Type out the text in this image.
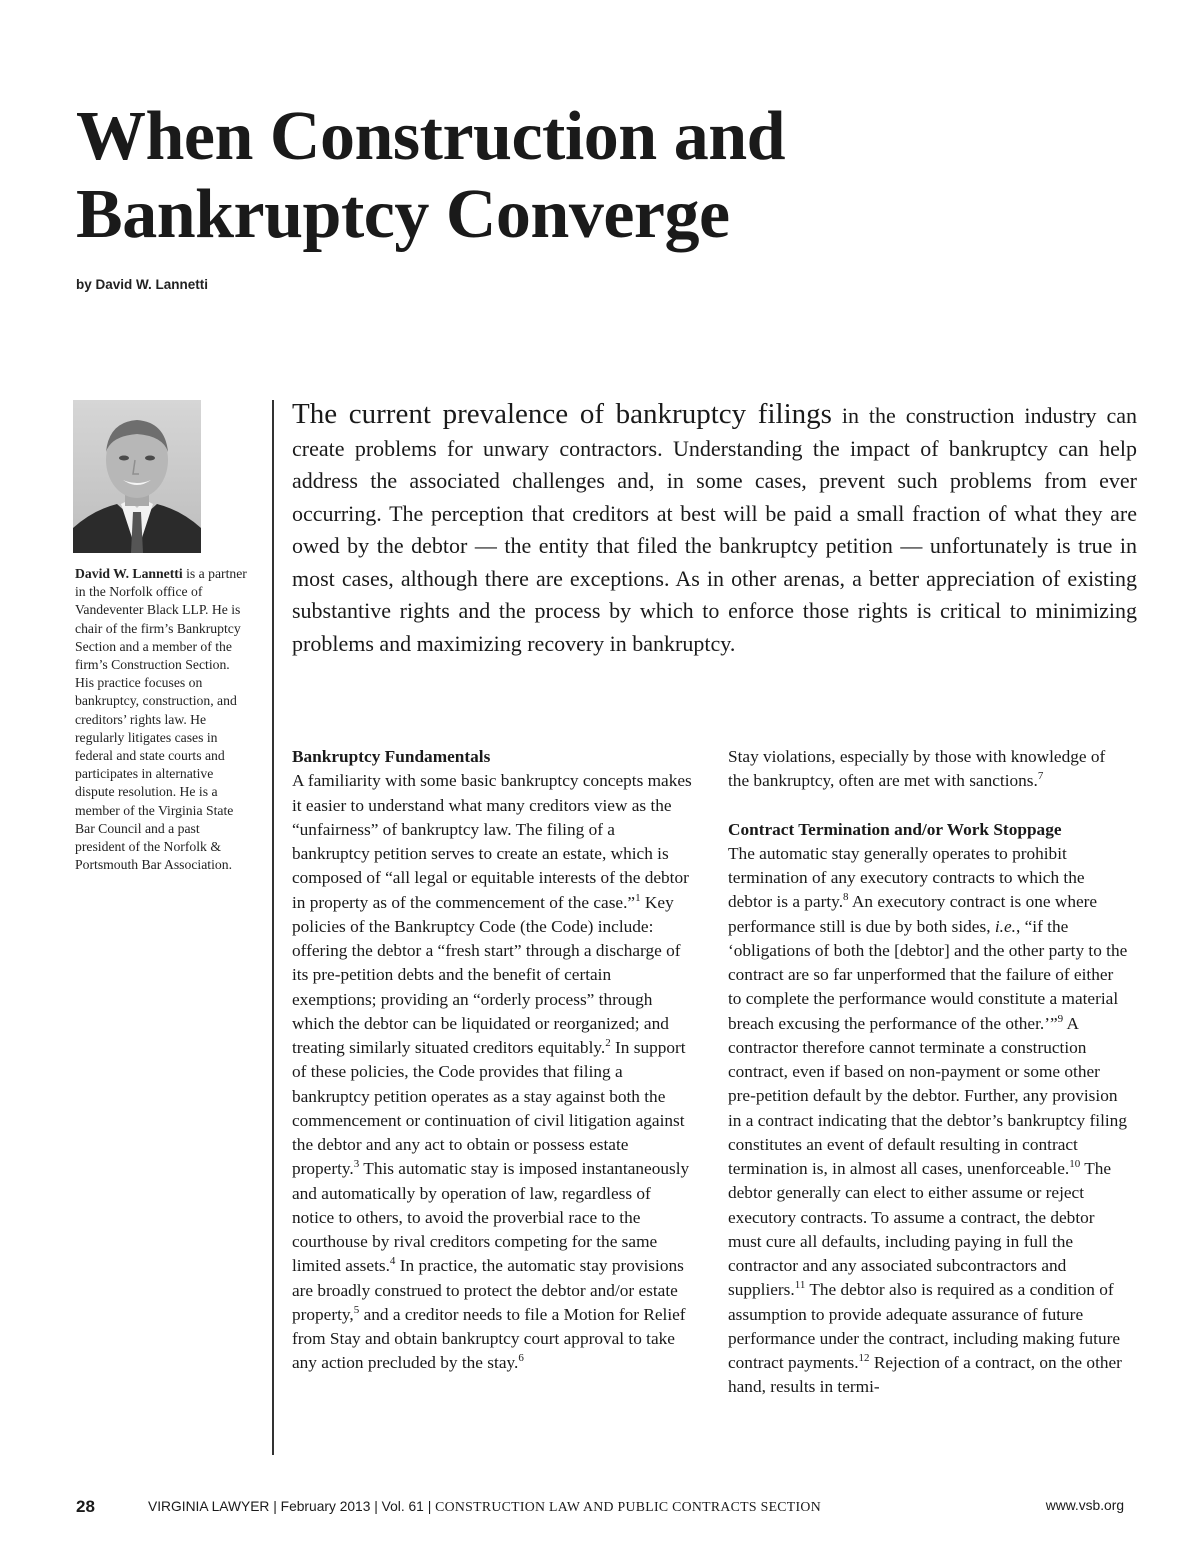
When Construction and
Bankruptcy Converge
by David W. Lannetti
David W. Lannetti is a partner in the Norfolk office of Vandeventer Black LLP. He is chair of the firm’s Bankruptcy Section and a member of the firm’s Construction Section. His practice focuses on bankruptcy, construction, and creditors’ rights law. He regularly litigates cases in federal and state courts and participates in alternative dispute resolution. He is a member of the Virginia State Bar Council and a past president of the Norfolk & Portsmouth Bar Association.
The current prevalence of bankruptcy filings in the construction industry can create problems for unwary contractors. Understanding the impact of bankruptcy can help address the associated challenges and, in some cases, prevent such problems from ever occurring. The perception that creditors at best will be paid a small fraction of what they are owed by the debtor — the entity that filed the bankruptcy petition — unfortunately is true in most cases, although there are exceptions. As in other arenas, a better appreciation of existing substantive rights and the process by which to enforce those rights is critical to minimizing problems and maximizing recovery in bankruptcy.
Bankruptcy Fundamentals

A familiarity with some basic bankruptcy concepts makes it easier to understand what many creditors view as the “unfairness” of bankruptcy law. The filing of a bankruptcy petition serves to create an estate, which is composed of “all legal or equitable interests of the debtor in property as of the commencement of the case.”$^1$ Key policies of the Bankruptcy Code (the Code) include: offering the debtor a “fresh start” through a discharge of its pre-petition debts and the benefit of certain exemptions; providing an “orderly process” through which the debtor can be liquidated or reorganized; and treating similarly situated creditors equitably.$^2$ In support of these policies, the Code provides that filing a bankruptcy petition operates as a stay against both the commencement or continuation of civil litigation against the debtor and any act to obtain or possess estate property.$^3$ This automatic stay is imposed instantaneously and automatically by operation of law, regardless of notice to others, to avoid the proverbial race to the courthouse by rival creditors competing for the same limited assets.$^4$ In practice, the automatic stay provisions are broadly construed to protect the debtor and/or estate property,$^5$ and a creditor needs to file a Motion for Relief from Stay and obtain bankruptcy court approval to take any action precluded by the stay.$^6$

Stay violations, especially by those with knowledge of the bankruptcy, often are met with sanctions.$^7$

Contract Termination and/or Work Stoppage

The automatic stay generally operates to prohibit termination of any executory contracts to which the debtor is a party.$^8$ An executory contract is one where performance still is due by both sides, i.e., “if the ‘obligations of both the [debtor] and the other party to the contract are so far unperformed that the failure of either to complete the performance would constitute a material breach excusing the performance of the other.’”$^9$ A contractor therefore cannot terminate a construction contract, even if based on non-payment or some other pre-petition default by the debtor. Further, any provision in a contract indicating that the debtor’s bankruptcy filing constitutes an event of default resulting in contract termination is, in almost all cases, unenforceable.$^{10}$ The debtor generally can elect to either assume or reject executory contracts. To assume a contract, the debtor must cure all defaults, including paying in full the contractor and any associated subcontractors and suppliers.$^{11}$ The debtor also is required as a condition of assumption to provide adequate assurance of future performance under the contract, including making future contract payments.$^{12}$ Rejection of a contract, on the other hand, results in termi-

28	VIRGINIA LAWYER | February 2013 | Vol. 61 | CONSTRUCTION LAW AND PUBLIC CONTRACTS SECTION	www.vsb.org
